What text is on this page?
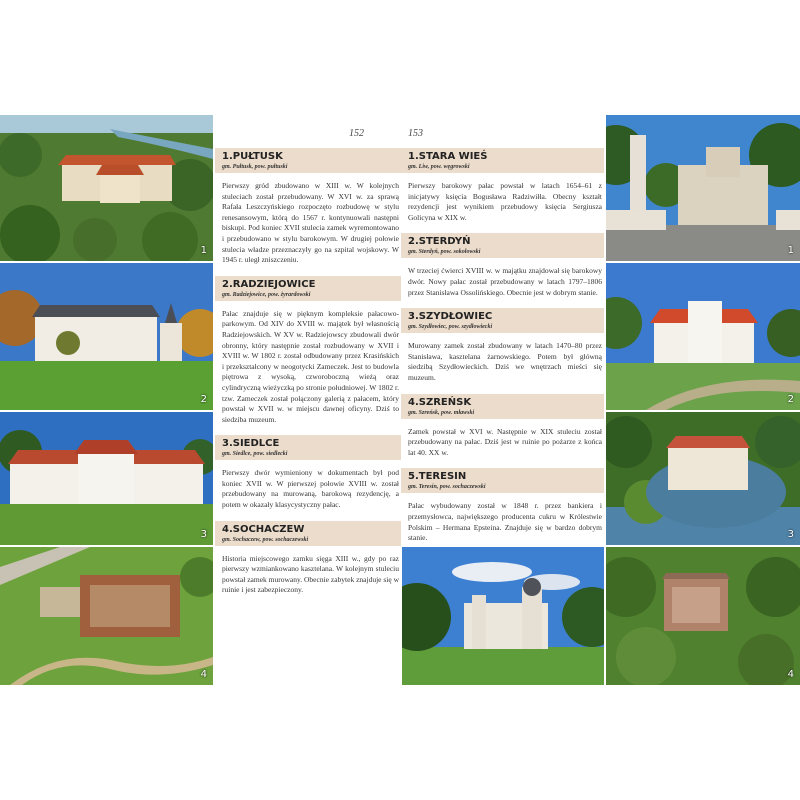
1
2
3
4
1
2
3
4
152	153
1.PUŁTUSK
gm. Pułtusk, pow. pułtuski
Pierwszy gród zbudowano w XIII w. W kolejnych stuleciach został przebudowany. W XVI w. za sprawą Rafała Leszczyńskiego rozpoczęto rozbudowę w stylu renesansowym, którą do 1567 r. kontynuowali następni biskupi. Pod koniec XVII stulecia zamek wyremontowano i przebudowano w stylu barokowym. W drugiej połowie stulecia władze przeznaczyły go na szpital wojskowy. W 1945 r. uległ zniszczeniu.
2.RADZIEJOWICE
gm. Radziejowice, pow. żyrardowski
Pałac znajduje się w pięknym kompleksie pałacowo-parkowym. Od XIV do XVIII w. majątek był własnością Radziejowskich. W XV w. Radziejowscy zbudowali dwór obronny, który następnie został rozbudowany w XVII i XVIII w. W 1802 r. został odbudowany przez Krasińskich i przekształcony w neogotycki Zameczek. Jest to budowla piętrowa z wysoką, czworoboczną wieżą oraz cylindryczną wieżyczką po stronie południowej. W 1802 r. tzw. Zameczek został połączony galerią z pałacem, który powstał w XVII w. w miejscu dawnej oficyny. Dziś to siedziba muzeum.
3.SIEDLCE
gm. Siedlce, pow. siedlecki
Pierwszy dwór wymieniony w dokumentach był pod koniec XVII w. W pierwszej połowie XVIII w. został przebudowany na murowaną, barokową rezydencję, a potem w okazały klasycystyczny pałac.
4.SOCHACZEW
gm. Sochaczew, pow. sochaczewski
Historia miejscowego zamku sięga XIII w., gdy po raz pierwszy wzmiankowano kasztelana. W kolejnym stuleciu powstał zamek murowany. Obecnie zabytek znajduje się w ruinie i jest zabezpieczony.
1.STARA WIEŚ
gm. Liw, pow. węgrowski
Pierwszy barokowy pałac powstał w latach 1654–61 z inicjatywy księcia Bogusława Radziwiłła. Obecny kształt rezydencji jest wynikiem przebudowy księcia Sergiusza Golicyna w XIX w.
2.STERDYŃ
gm. Sterdyń, pow. sokołowski
W trzeciej ćwierci XVIII w. w majątku znajdował się barokowy dwór. Nowy pałac został przebudowany w latach 1797–1806 przez Stanisława Ossolińskiego. Obecnie jest w dobrym stanie.
3.SZYDŁOWIEC
gm. Szydłowiec, pow. szydłowiecki
Murowany zamek został zbudowany w latach 1470–80 przez Stanisława, kasztelana żarnowskiego. Potem był główną siedzibą Szydłowieckich. Dziś we wnętrzach mieści się muzeum.
4.SZREŃSK
gm. Szreńsk, pow. mławski
Zamek powstał w XVI w. Następnie w XIX stuleciu został przebudowany na pałac. Dziś jest w ruinie po pożarze z końca lat 40. XX w.
5.TERESIN
gm. Teresin, pow. sochaczewski
Pałac wybudowany został w 1848 r. przez bankiera i przemysłowca, największego producenta cukru w Królestwie Polskim – Hermana Epsteina. Znajduje się w bardzo dobrym stanie.
